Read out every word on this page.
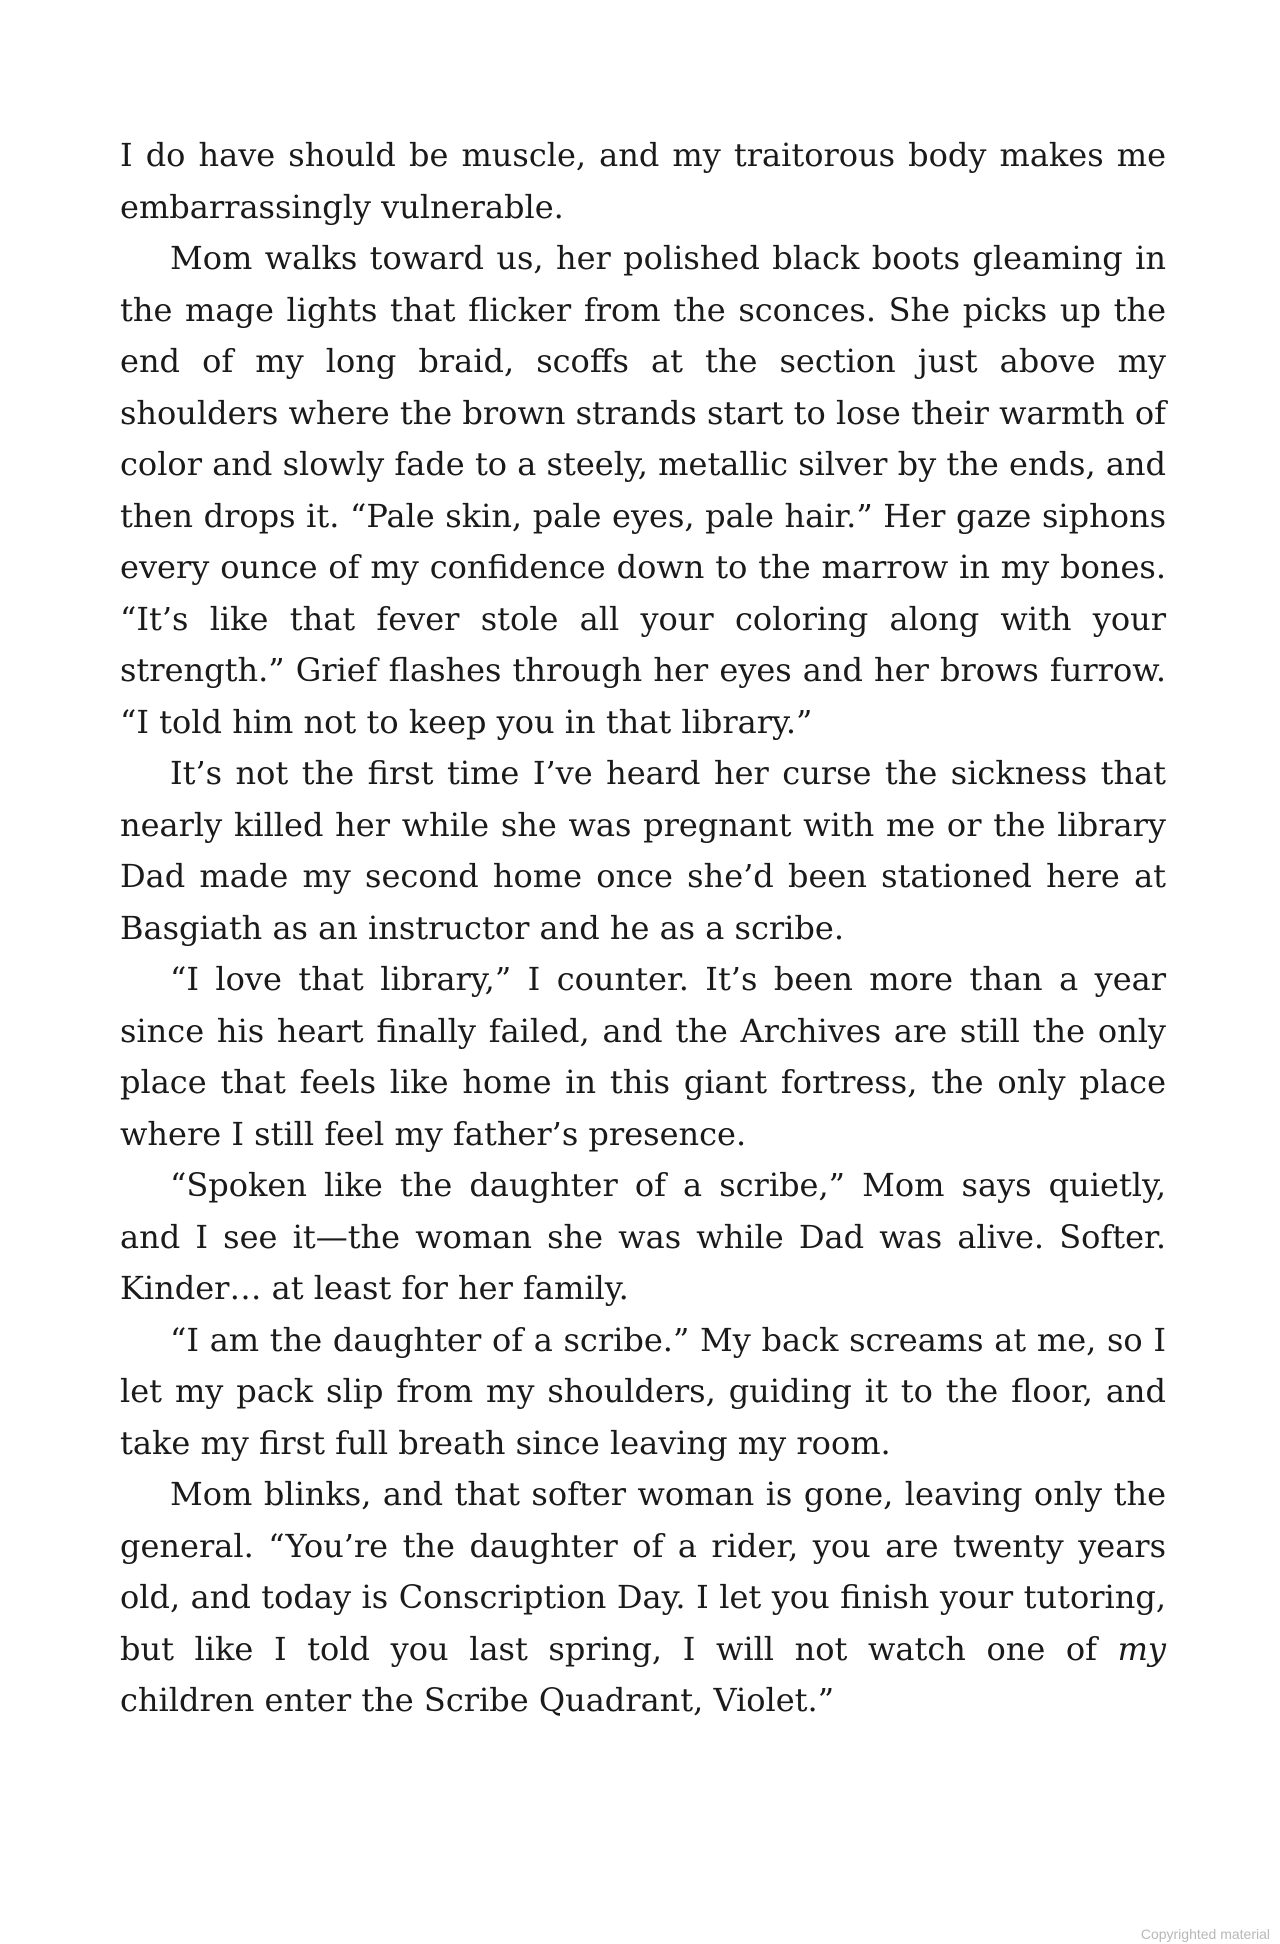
I do have should be muscle, and my traitorous body makes me embarrassingly vulnerable.

Mom walks toward us, her polished black boots gleaming in the mage lights that flicker from the sconces. She picks up the end of my long braid, scoffs at the section just above my shoulders where the brown strands start to lose their warmth of color and slowly fade to a steely, metallic silver by the ends, and then drops it. “Pale skin, pale eyes, pale hair.” Her gaze siphons every ounce of my confidence down to the marrow in my bones. “It’s like that fever stole all your coloring along with your strength.” Grief flashes through her eyes and her brows furrow. “I told him not to keep you in that library.”

It’s not the first time I’ve heard her curse the sickness that nearly killed her while she was pregnant with me or the library Dad made my second home once she’d been stationed here at Basgiath as an instructor and he as a scribe.

“I love that library,” I counter. It’s been more than a year since his heart finally failed, and the Archives are still the only place that feels like home in this giant fortress, the only place where I still feel my father’s presence.

“Spoken like the daughter of a scribe,” Mom says quietly, and I see it—the woman she was while Dad was alive. Softer. Kinder… at least for her family.

“I am the daughter of a scribe.” My back screams at me, so I let my pack slip from my shoulders, guiding it to the floor, and take my first full breath since leaving my room.

Mom blinks, and that softer woman is gone, leaving only the general. “You’re the daughter of a rider, you are twenty years old, and today is Conscription Day. I let you finish your tutoring, but like I told you last spring, I will not watch one of my children enter the Scribe Quadrant, Violet.”

Copyrighted material
